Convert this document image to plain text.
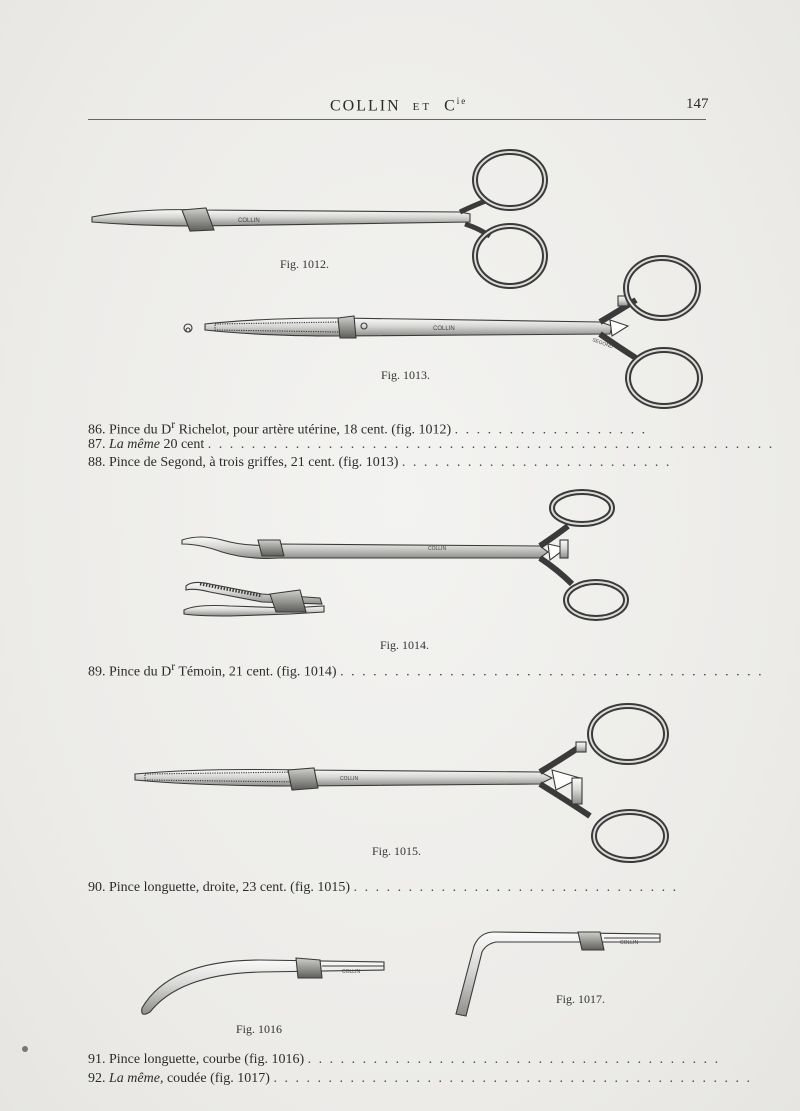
COLLIN ET $C^{ie}$	147
COLLIN
COLLIN
SEGOND
COLLIN
COLLIN
COLLIN
COLLIN
Fig. 1012.
Fig. 1013.
Fig. 1014.
Fig. 1015.
Fig. 1016
Fig. 1017.
86. Pince du $D^r$ Richelot, pour artère utérine, 18 cent. (fig. 1012) . . . . . . . . . . . . . . . . . .
87. La même 20 cent . . . . . . . . . . . . . . . . . . . . . . . . . . . . . . . . . . . . . . . . . . . . . . . . . . . .
88. Pince de Segond, à trois griffes, 21 cent. (fig. 1013) . . . . . . . . . . . . . . . . . . . . . . . . .
89. Pince du $D^r$ Témoin, 21 cent. (fig. 1014) . . . . . . . . . . . . . . . . . . . . . . . . . . . . . . . . . . . . . . .
90. Pince longuette, droite, 23 cent. (fig. 1015) . . . . . . . . . . . . . . . . . . . . . . . . . . . . . .
91. Pince longuette, courbe (fig. 1016) . . . . . . . . . . . . . . . . . . . . . . . . . . . . . . . . . . . . . .
92. La même, coudée (fig. 1017) . . . . . . . . . . . . . . . . . . . . . . . . . . . . . . . . . . . . . . . . . . . .
